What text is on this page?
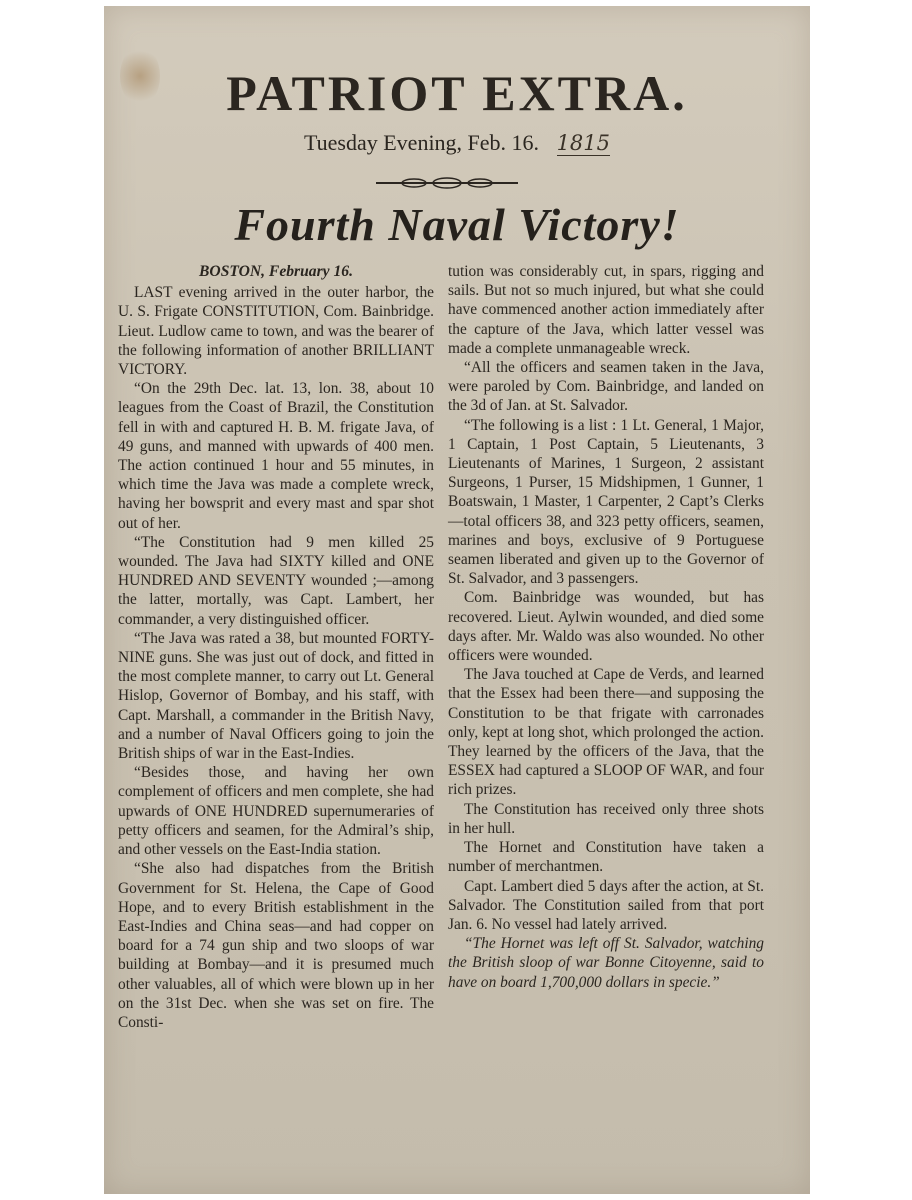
PATRIOT EXTRA.
Tuesday Evening, Feb. 16. 1815
Fourth Naval Victory!
BOSTON, February 16.

LAST evening arrived in the outer harbor, the U. S. Frigate CONSTITUTION, Com. Bainbridge. Lieut. Ludlow came to town, and was the bearer of the following information of another BRILLIANT VICTORY.

“On the 29th Dec. lat. 13, lon. 38, about 10 leagues from the Coast of Brazil, the Constitution fell in with and captured H. B. M. frigate Java, of 49 guns, and manned with upwards of 400 men. The action continued 1 hour and 55 minutes, in which time the Java was made a complete wreck, having her bowsprit and every mast and spar shot out of her.

“The Constitution had 9 men killed 25 wounded. The Java had SIXTY killed and ONE HUNDRED AND SEVENTY wounded ;—among the latter, mortally, was Capt. Lambert, her commander, a very distinguished officer.

“The Java was rated a 38, but mounted FORTY-NINE guns. She was just out of dock, and fitted in the most complete manner, to carry out Lt. General Hislop, Governor of Bombay, and his staff, with Capt. Marshall, a commander in the British Navy, and a number of Naval Officers going to join the British ships of war in the East-Indies.

“Besides those, and having her own complement of officers and men complete, she had upwards of ONE HUNDRED supernumeraries of petty officers and seamen, for the Admiral’s ship, and other vessels on the East-India station.

“She also had dispatches from the British Government for St. Helena, the Cape of Good Hope, and to every British establishment in the East-Indies and China seas—and had copper on board for a 74 gun ship and two sloops of war building at Bombay—and it is presumed much other valuables, all of which were blown up in her on the 31st Dec. when she was set on fire. The Consti-

tution was considerably cut, in spars, rigging and sails. But not so much injured, but what she could have commenced another action immediately after the capture of the Java, which latter vessel was made a complete unmanageable wreck.

“All the officers and seamen taken in the Java, were paroled by Com. Bainbridge, and landed on the 3d of Jan. at St. Salvador.

“The following is a list : 1 Lt. General, 1 Major, 1 Captain, 1 Post Captain, 5 Lieutenants, 3 Lieutenants of Marines, 1 Surgeon, 2 assistant Surgeons, 1 Purser, 15 Midshipmen, 1 Gunner, 1 Boatswain, 1 Master, 1 Carpenter, 2 Capt’s Clerks—total officers 38, and 323 petty officers, seamen, marines and boys, exclusive of 9 Portuguese seamen liberated and given up to the Governor of St. Salvador, and 3 passengers.

Com. Bainbridge was wounded, but has recovered. Lieut. Aylwin wounded, and died some days after. Mr. Waldo was also wounded. No other officers were wounded.

The Java touched at Cape de Verds, and learned that the Essex had been there—and supposing the Constitution to be that frigate with carronades only, kept at long shot, which prolonged the action. They learned by the officers of the Java, that the ESSEX had captured a SLOOP OF WAR, and four rich prizes.

The Constitution has received only three shots in her hull.

The Hornet and Constitution have taken a number of merchantmen.

Capt. Lambert died 5 days after the action, at St. Salvador. The Constitution sailed from that port Jan. 6. No vessel had lately arrived.

“The Hornet was left off St. Salvador, watching the British sloop of war Bonne Citoyenne, said to have on board 1,700,000 dollars in specie.”
